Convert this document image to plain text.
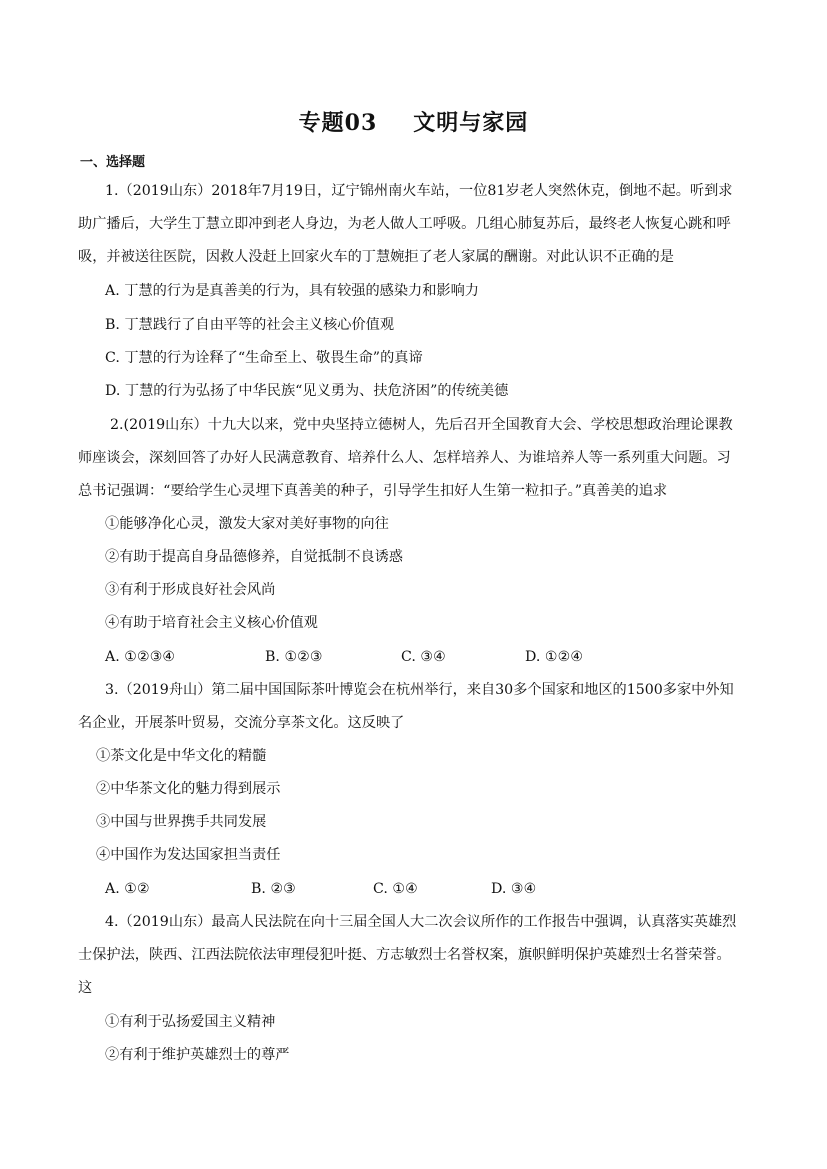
专题03 文明与家园
一、选择题
1.（2019山东）2018年7月19日，辽宁锦州南火车站，一位81岁老人突然休克，倒地不起。听到求
助广播后，大学生丁慧立即冲到老人身边，为老人做人工呼吸。几组心肺复苏后，最终老人恢复心跳和呼
吸，并被送往医院，因救人没赶上回家火车的丁慧婉拒了老人家属的酬谢。对此认识不正确的是
A. 丁慧的行为是真善美的行为，具有较强的感染力和影响力
B. 丁慧践行了自由平等的社会主义核心价值观
C. 丁慧的行为诠释了“生命至上、敬畏生命”的真谛
D. 丁慧的行为弘扬了中华民族“见义勇为、扶危济困”的传统美德
2.(2019山东）十九大以来，党中央坚持立德树人，先后召开全国教育大会、学校思想政治理论课教
师座谈会，深刻回答了办好人民满意教育、培养什么人、怎样培养人、为谁培养人等一系列重大问题。习
总书记强调：“要给学生心灵埋下真善美的种子，引导学生扣好人生第一粒扣子。”真善美的追求
①能够净化心灵，激发大家对美好事物的向往
②有助于提高自身品德修养，自觉抵制不良诱惑
③有利于形成良好社会风尚
④有助于培育社会主义核心价值观
A. ①②③④	B. ①②③	C. ③④	D. ①②④
3.（2019舟山）第二届中国国际茶叶博览会在杭州举行，来自30多个国家和地区的1500多家中外知
名企业，开展茶叶贸易，交流分享茶文化。这反映了
①茶文化是中华文化的精髓
②中华茶文化的魅力得到展示
③中国与世界携手共同发展
④中国作为发达国家担当责任
A. ①②	B. ②③	C. ①④	D. ③④
4.（2019山东）最高人民法院在向十三届全国人大二次会议所作的工作报告中强调，认真落实英雄烈
士保护法，陕西、江西法院依法审理侵犯叶挺、方志敏烈士名誉权案，旗帜鲜明保护英雄烈士名誉荣誉。
这
①有利于弘扬爱国主义精神
②有利于维护英雄烈士的尊严
